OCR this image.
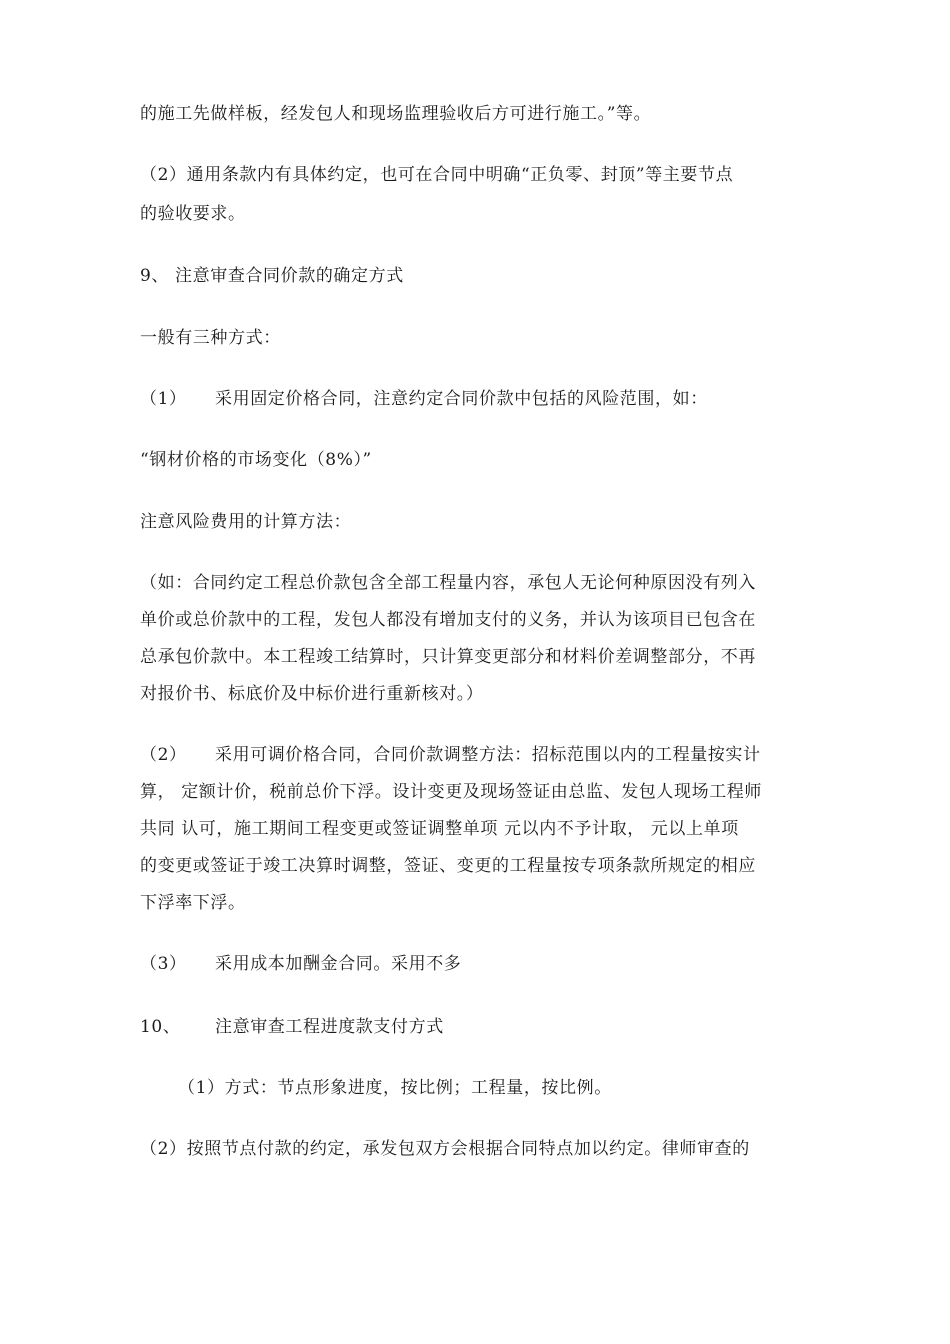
的施工先做样板，经发包人和现场监理验收后方可进行施工。”等。
（2）通用条款内有具体约定，也可在合同中明确“正负零、封顶”等主要节点
的验收要求。
9、 注意审查合同价款的确定方式
一般有三种方式：
（1） 采用固定价格合同，注意约定合同价款中包括的风险范围，如：
“钢材价格的市场变化（8%）”
注意风险费用的计算方法：
（如：合同约定工程总价款包含全部工程量内容，承包人无论何种原因没有列入
单价或总价款中的工程，发包人都没有增加支付的义务，并认为该项目已包含在
总承包价款中。本工程竣工结算时，只计算变更部分和材料价差调整部分，不再
对报价书、标底价及中标价进行重新核对。）
（2） 采用可调价格合同，合同价款调整方法：招标范围以内的工程量按实计
算， 定额计价，税前总价下浮。设计变更及现场签证由总监、发包人现场工程师
共同 认可，施工期间工程变更或签证调整单项 元以内不予计取， 元以上单项
的变更或签证于竣工决算时调整，签证、变更的工程量按专项条款所规定的相应
下浮率下浮。
（3） 采用成本加酬金合同。采用不多
10、 注意审查工程进度款支付方式
（1）方式：节点形象进度，按比例；工程量，按比例。
（2）按照节点付款的约定，承发包双方会根据合同特点加以约定。律师审查的
